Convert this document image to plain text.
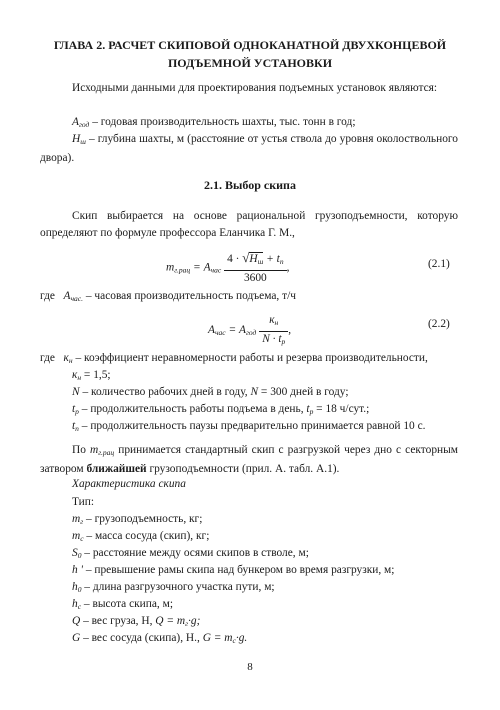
ГЛАВА 2. РАСЧЕТ СКИПОВОЙ ОДНОКАНАТНОЙ ДВУХКОНЦЕВОЙ
ПОДЪЕМНОЙ УСТАНОВКИ

Исходными данными для проектирования подъемных установок являются:

$A_{год}$ – годовая производительность шахты, тыс. тонн в год;

$H_ш$ – глубина шахты, м (расстояние от устья ствола до уровня околоствольного двора).

2.1. Выбор скипа

Скип выбирается на основе рациональной грузоподъемности, которую определяют по формуле профессора Еланчика Г. М.,

$m_{г.рац} = A_{час} \frac{4 \cdot √H_ш + t_п}{3600}$ ,	(2.1)

где $A_{час.}$ – часовая производительность подъема, т/ч

$A_{час} = A_{год} \frac{к_н}{N \cdot t_р}$ ,
(2.2)

где $к_н$ – коэффициент неравномерности работы и резерва производительности,

$к_н = 1,5$;

N – количество рабочих дней в году, N = 300 дней в году;

$t_р$ – продолжительность работы подъема в день, $t_р = 18$ ч/сут.;

$t_п$ – продолжительность паузы предварительно принимается равной 10 с.

По $m_{г.рац}$ принимается стандартный скип с разгрузкой через дно с секторным затвором ближайшей грузоподъемности (прил. А. табл. А.1).

Характеристика скипа

Тип:

$m_г$ – грузоподъемность, кг;

$m_с$ – масса сосуда (скип), кг;

$S_0$ – расстояние между осями скипов в стволе, м;

h ' – превышение рамы скипа над бункером во время разгрузки, м;

$h_0$ – длина разгрузочного участка пути, м;

$h_с$ – высота скипа, м;

Q – вес груза, Н, $Q = m_г\cdot g$;

G – вес сосуда (скипа), Н., $G = m_с\cdot g$.

8
